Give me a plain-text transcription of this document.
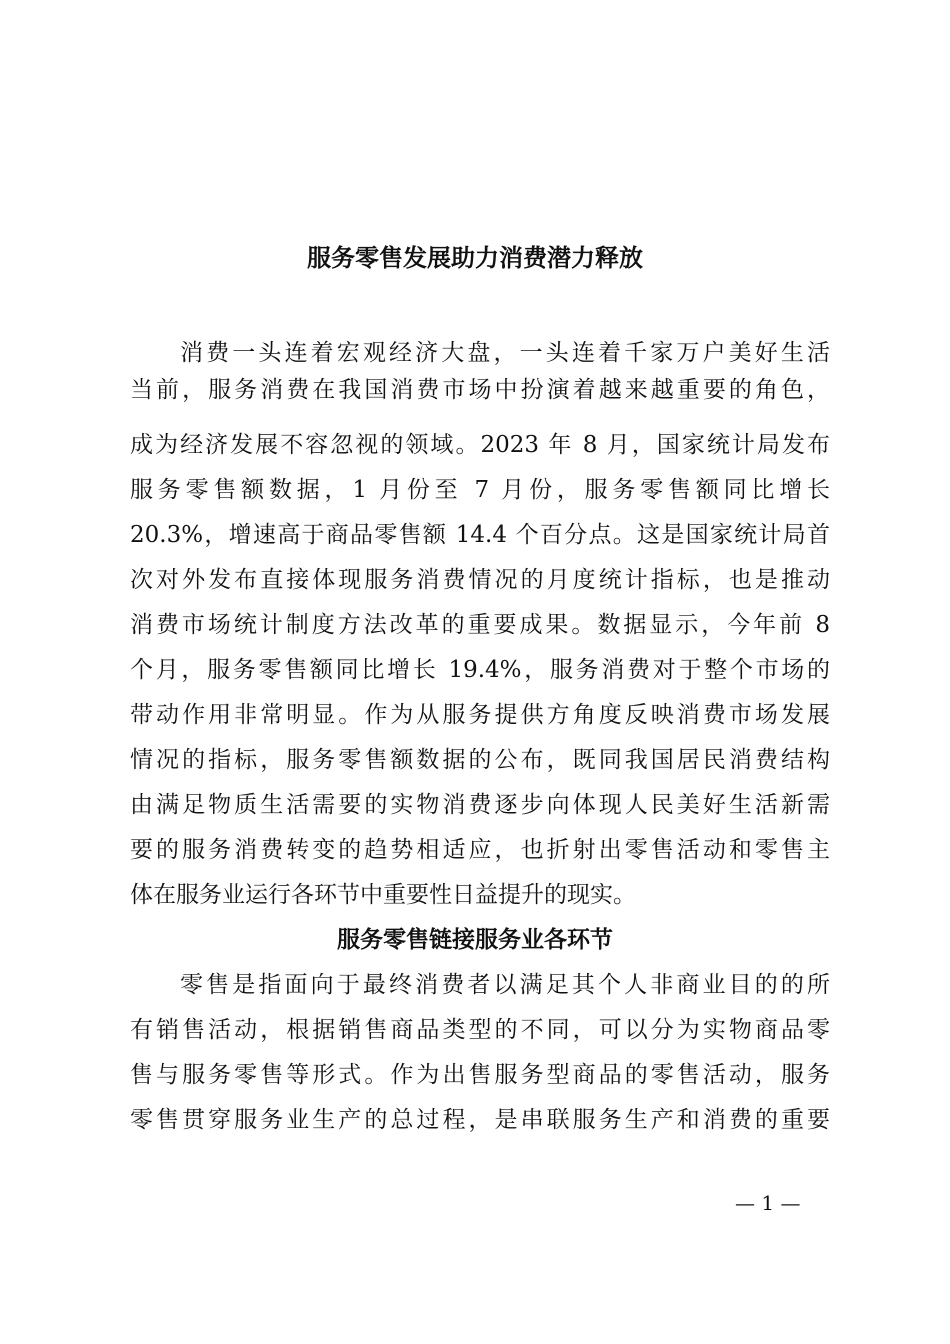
服务零售发展助力消费潜力释放
消费一头连着宏观经济大盘，一头连着千家万户美好生活
当前，服务消费在我国消费市场中扮演着越来越重要的角色，
成为经济发展不容忽视的领域。2023 年 8 月，国家统计局发布
服务零售额数据，1 月份至 7 月份，服务零售额同比增长
20.3%，增速高于商品零售额 14.4 个百分点。这是国家统计局首
次对外发布直接体现服务消费情况的月度统计指标，也是推动
消费市场统计制度方法改革的重要成果。数据显示，今年前 8
个月，服务零售额同比增长 19.4%，服务消费对于整个市场的
带动作用非常明显。作为从服务提供方角度反映消费市场发展
情况的指标，服务零售额数据的公布，既同我国居民消费结构
由满足物质生活需要的实物消费逐步向体现人民美好生活新需
要的服务消费转变的趋势相适应，也折射出零售活动和零售主
体在服务业运行各环节中重要性日益提升的现实。
服务零售链接服务业各环节
零售是指面向于最终消费者以满足其个人非商业目的的所
有销售活动，根据销售商品类型的不同，可以分为实物商品零
售与服务零售等形式。作为出售服务型商品的零售活动，服务
零售贯穿服务业生产的总过程，是串联服务生产和消费的重要
— 1 —
